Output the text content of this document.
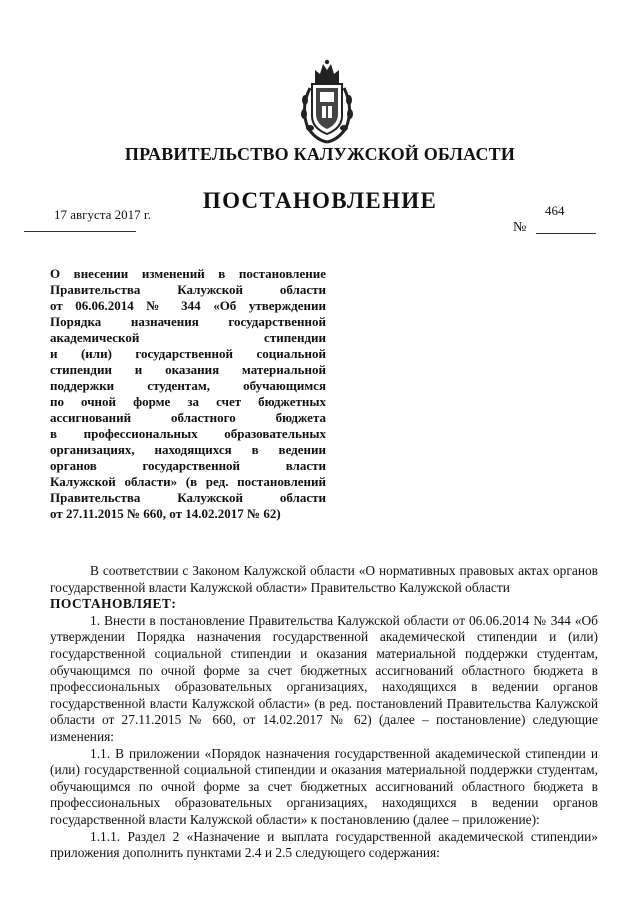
ПРАВИТЕЛЬСТВО КАЛУЖСКОЙ ОБЛАСТИ
ПОСТАНОВЛЕНИЕ
17 августа 2017 г.	464
№
О внесении изменений в постановление
Правительства Калужской области
от 06.06.2014 № 344 «Об утверждении
Порядка назначения государственной
академической стипендии
и (или) государственной социальной
стипендии и оказания материальной
поддержки студентам, обучающимся
по очной форме за счет бюджетных
ассигнований областного бюджета
в профессиональных образовательных
организациях, находящихся в ведении
органов государственной власти
Калужской области» (в ред. постановлений
Правительства Калужской области
от 27.11.2015 № 660, от 14.02.2017 № 62)

В соответствии с Законом Калужской области «О нормативных правовых актах органов государственной власти Калужской области» Правительство Калужской области

ПОСТАНОВЛЯЕТ:

1. Внести в постановление Правительства Калужской области от 06.06.2014 № 344 «Об утверждении Порядка назначения государственной академической стипендии и (или) государственной социальной стипендии и оказания материальной поддержки студентам, обучающимся по очной форме за счет бюджетных ассигнований областного бюджета в профессиональных образовательных организациях, находящихся в ведении органов государственной власти Калужской области» (в ред. постановлений Правительства Калужской области от 27.11.2015 № 660, от 14.02.2017 № 62) (далее – постановление) следующие изменения:

1.1. В приложении «Порядок назначения государственной академической стипендии и (или) государственной социальной стипендии и оказания материальной поддержки студентам, обучающимся по очной форме за счет бюджетных ассигнований областного бюджета в профессиональных образовательных организациях, находящихся в ведении органов государственной власти Калужской области» к постановлению (далее – приложение):

1.1.1. Раздел 2 «Назначение и выплата государственной академической стипендии» приложения дополнить пунктами 2.4 и 2.5 следующего содержания:
